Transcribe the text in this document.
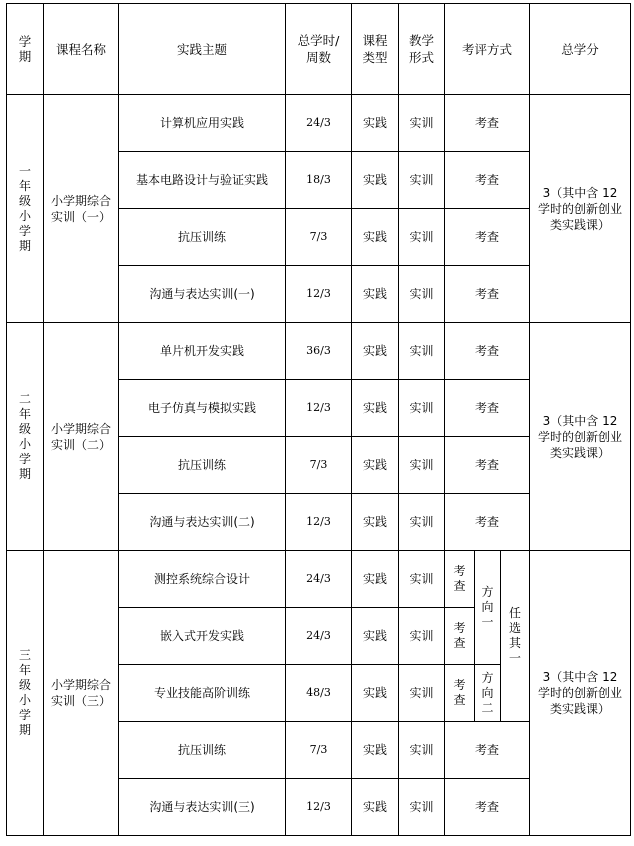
学期	课程名称	实践主题	总学时/周数	课程类型	教学形式	考评方式			总学分
一年级小学期	小学期综合实训（一）	计算机应用实践	24/3	实践	实训	考查			3（其中含 12 学时的创新创业类实践课）
		基本电路设计与验证实践	18/3	实践	实训	考查			
		抗压训练	7/3	实践	实训	考查			
		沟通与表达实训(一)	12/3	实践	实训	考查			
二年级小学期	小学期综合实训（二）	单片机开发实践	36/3	实践	实训	考查			3（其中含 12 学时的创新创业类实践课）
		电子仿真与模拟实践	12/3	实践	实训	考查			
		抗压训练	7/3	实践	实训	考查			
		沟通与表达实训(二)	12/3	实践	实训	考查			
三年级小学期	小学期综合实训（三）	测控系统综合设计	24/3	实践	实训	考查	方向一	任选其一	3（其中含 12 学时的创新创业类实践课）
		嵌入式开发实践	24/3	实践	实训	考查			
		专业技能高阶训练	48/3	实践	实训	考查	方向二		
		抗压训练	7/3	实践	实训	考查			
		沟通与表达实训(三)	12/3	实践	实训	考查			
